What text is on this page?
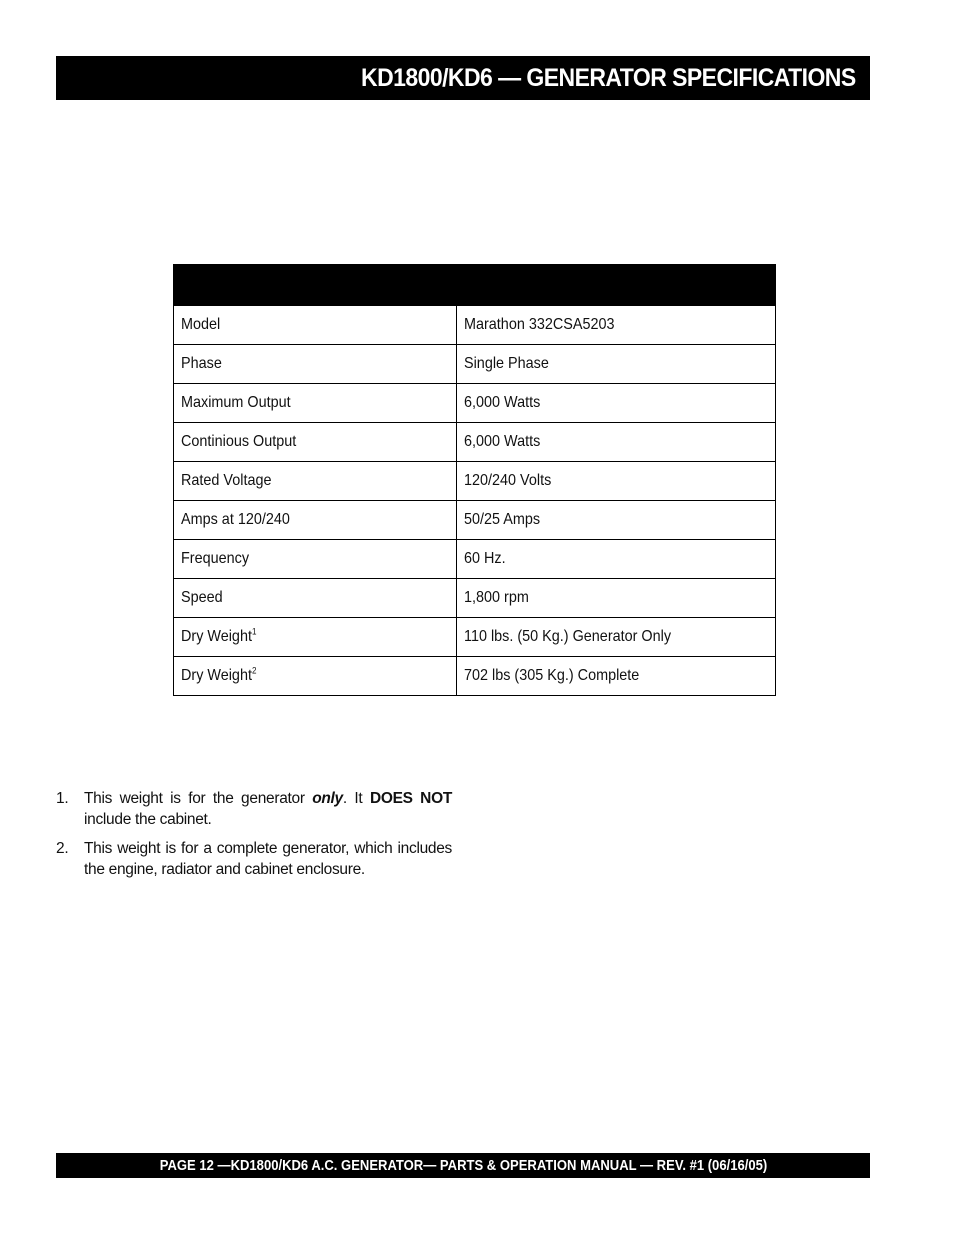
KD1800/KD6 — GENERATOR SPECIFICATIONS

Model	Marathon 332CSA5203
Phase	Single Phase
Maximum Output	6,000 Watts
Continious Output	6,000 Watts
Rated Voltage	120/240 Volts
Amps at 120/240	50/25 Amps
Frequency	60 Hz.
Speed	1,800 rpm
Dry Weight$^1$	110 lbs. (50 Kg.) Generator Only
Dry Weight$^2$	702 lbs (305 Kg.) Complete
1. This weight is for the generator only. It DOES NOT include the cabinet.
2. This weight is for a complete generator, which includes the engine, radiator and cabinet enclosure.
PAGE 12 —KD1800/KD6 A.C. GENERATOR— PARTS & OPERATION MANUAL — REV. #1 (06/16/05)
